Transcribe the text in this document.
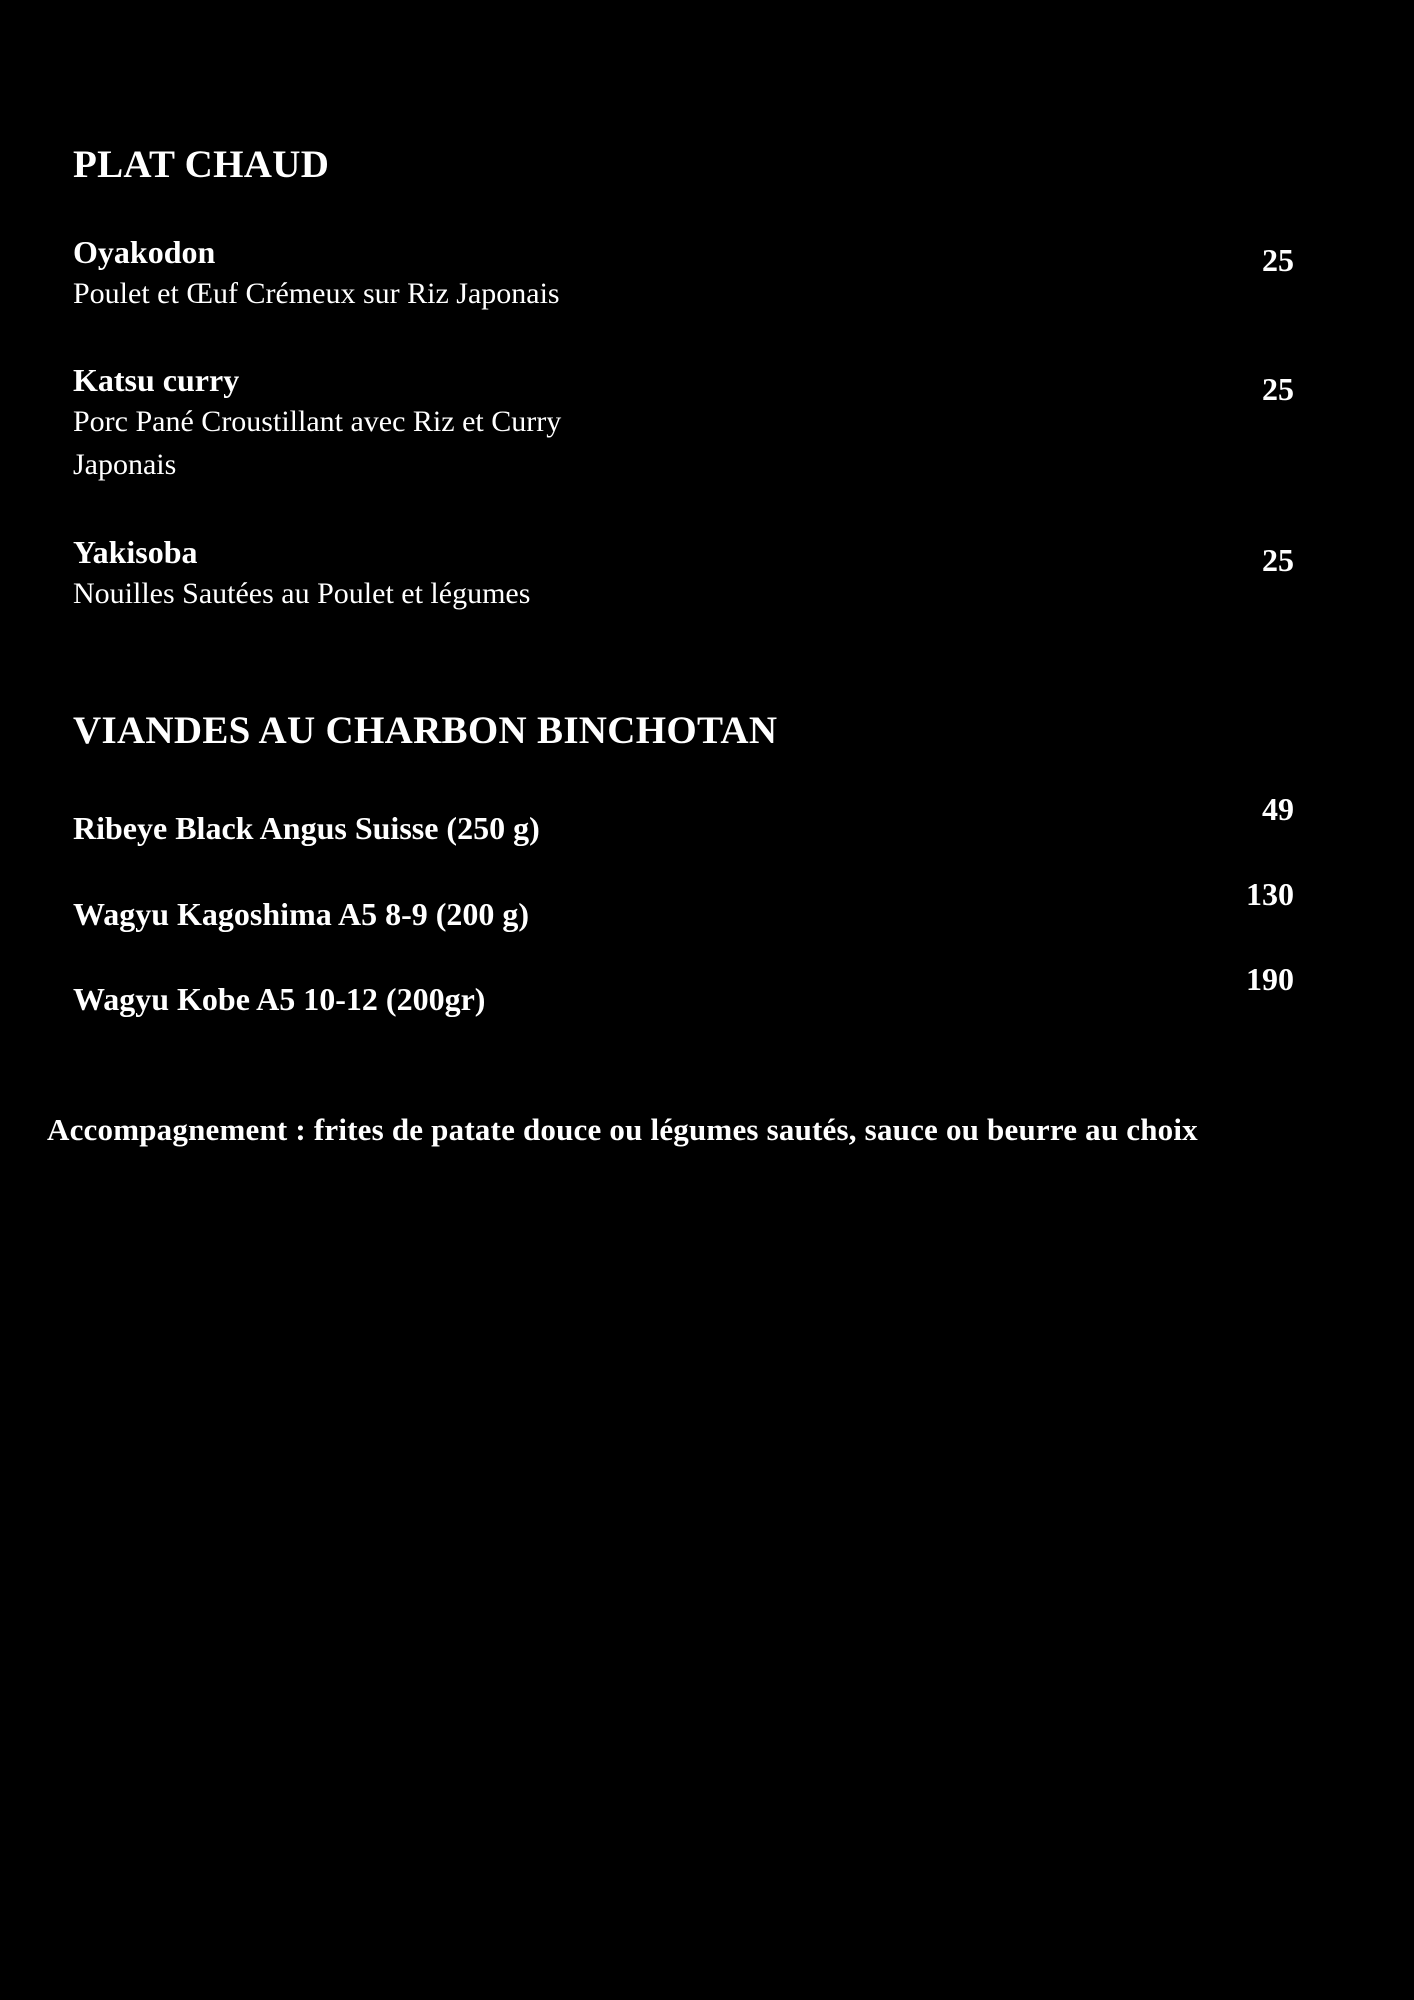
PLAT CHAUD
Oyakodon
Poulet et Œuf Crémeux sur Riz Japonais
25
Katsu curry
Porc Pané Croustillant avec Riz et Curry Japonais
25
Yakisoba
Nouilles Sautées au Poulet et légumes
25
VIANDES AU CHARBON BINCHOTAN
Ribeye Black Angus Suisse (250 g)
49
Wagyu Kagoshima A5 8-9 (200 g)
130
Wagyu Kobe A5 10-12 (200gr)
190
Accompagnement : frites de patate douce ou légumes sautés, sauce ou beurre au choix
